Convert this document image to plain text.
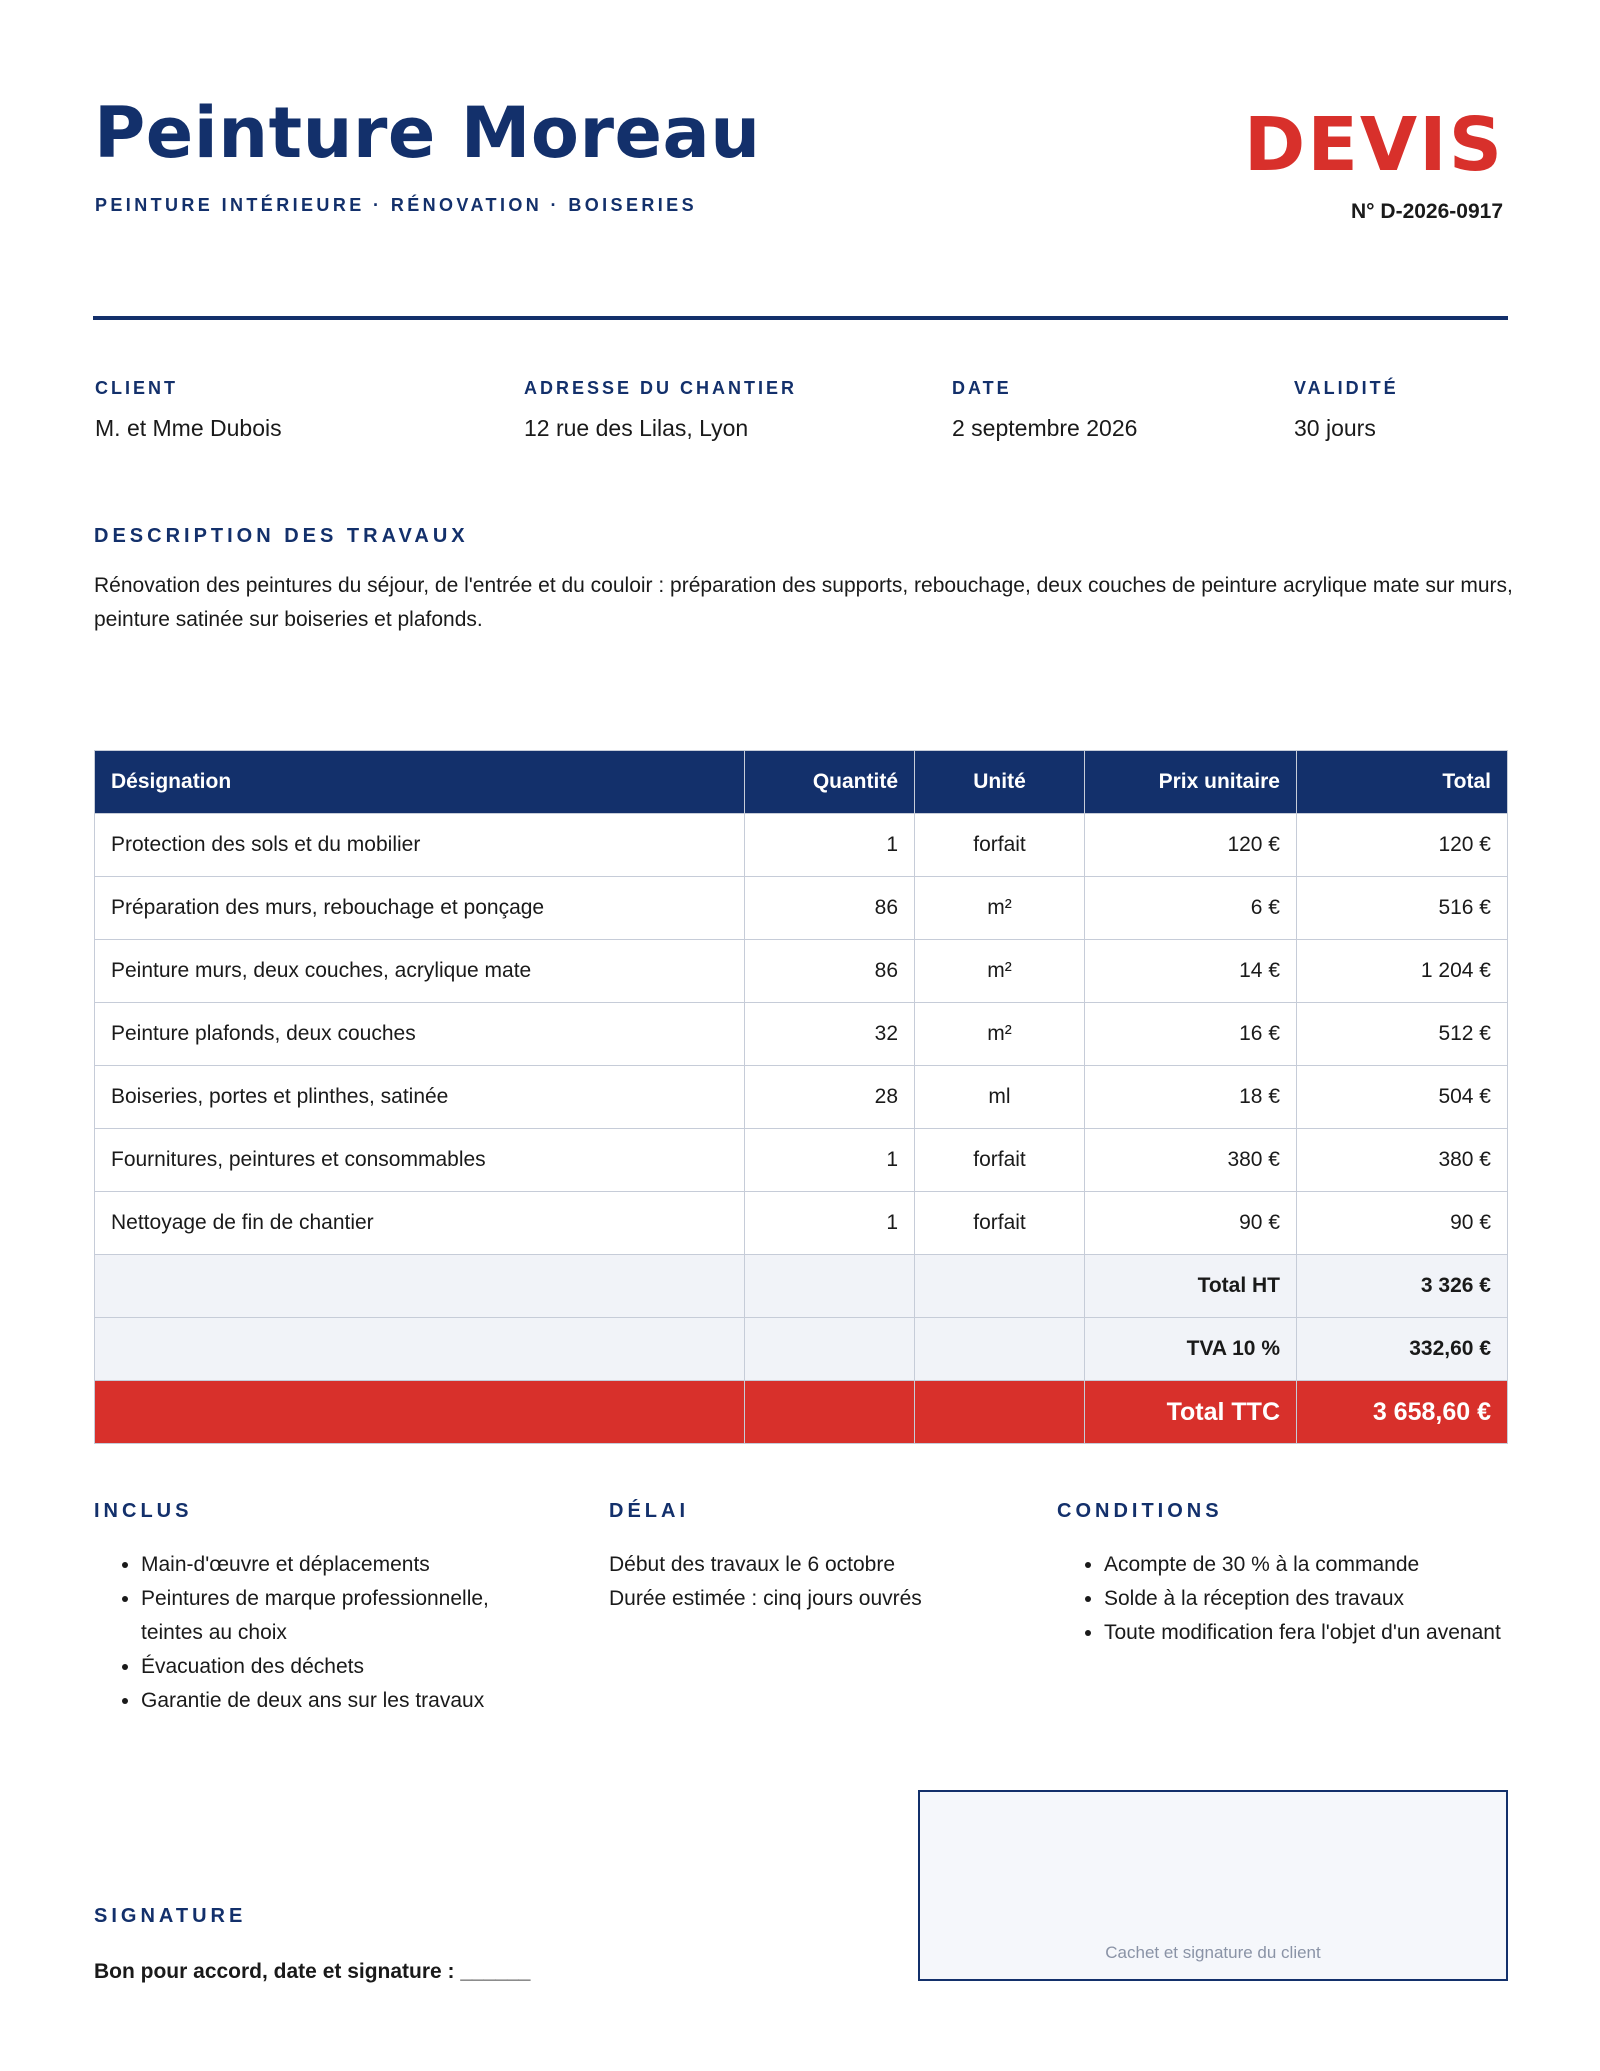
Peinture Moreau
PEINTURE INTÉRIEURE · RÉNOVATION · BOISERIES
DEVIS
N° D-2026-0917
CLIENT
M. et Mme Dubois
ADRESSE DU CHANTIER
12 rue des Lilas, Lyon
DATE
2 septembre 2026
VALIDITÉ
30 jours
DESCRIPTION DES TRAVAUX
Rénovation des peintures du séjour, de l'entrée et du couloir : préparation des supports, rebouchage, deux couches de peinture acrylique mate sur murs, peinture satinée sur boiseries et plafonds.
Désignation	Quantité	Unité	Prix unitaire	Total
Protection des sols et du mobilier	1	forfait	120 €	120 €
Préparation des murs, rebouchage et ponçage	86	m²	6 €	516 €
Peinture murs, deux couches, acrylique mate	86	m²	14 €	1 204 €
Peinture plafonds, deux couches	32	m²	16 €	512 €
Boiseries, portes et plinthes, satinée	28	ml	18 €	504 €
Fournitures, peintures et consommables	1	forfait	380 €	380 €
Nettoyage de fin de chantier	1	forfait	90 €	90 €
			Total HT	3 326 €
			TVA 10 %	332,60 €
			Total TTC	3 658,60 €
INCLUS
• Main-d'œuvre et déplacements
• Peintures de marque professionnelle, teintes au choix
• Évacuation des déchets
• Garantie de deux ans sur les travaux
DÉLAI
Début des travaux le 6 octobre
Durée estimée : cinq jours ouvrés
CONDITIONS
• Acompte de 30 % à la commande
• Solde à la réception des travaux
• Toute modification fera l'objet d'un avenant
SIGNATURE
Bon pour accord, date et signature : ______
Cachet et signature du client
